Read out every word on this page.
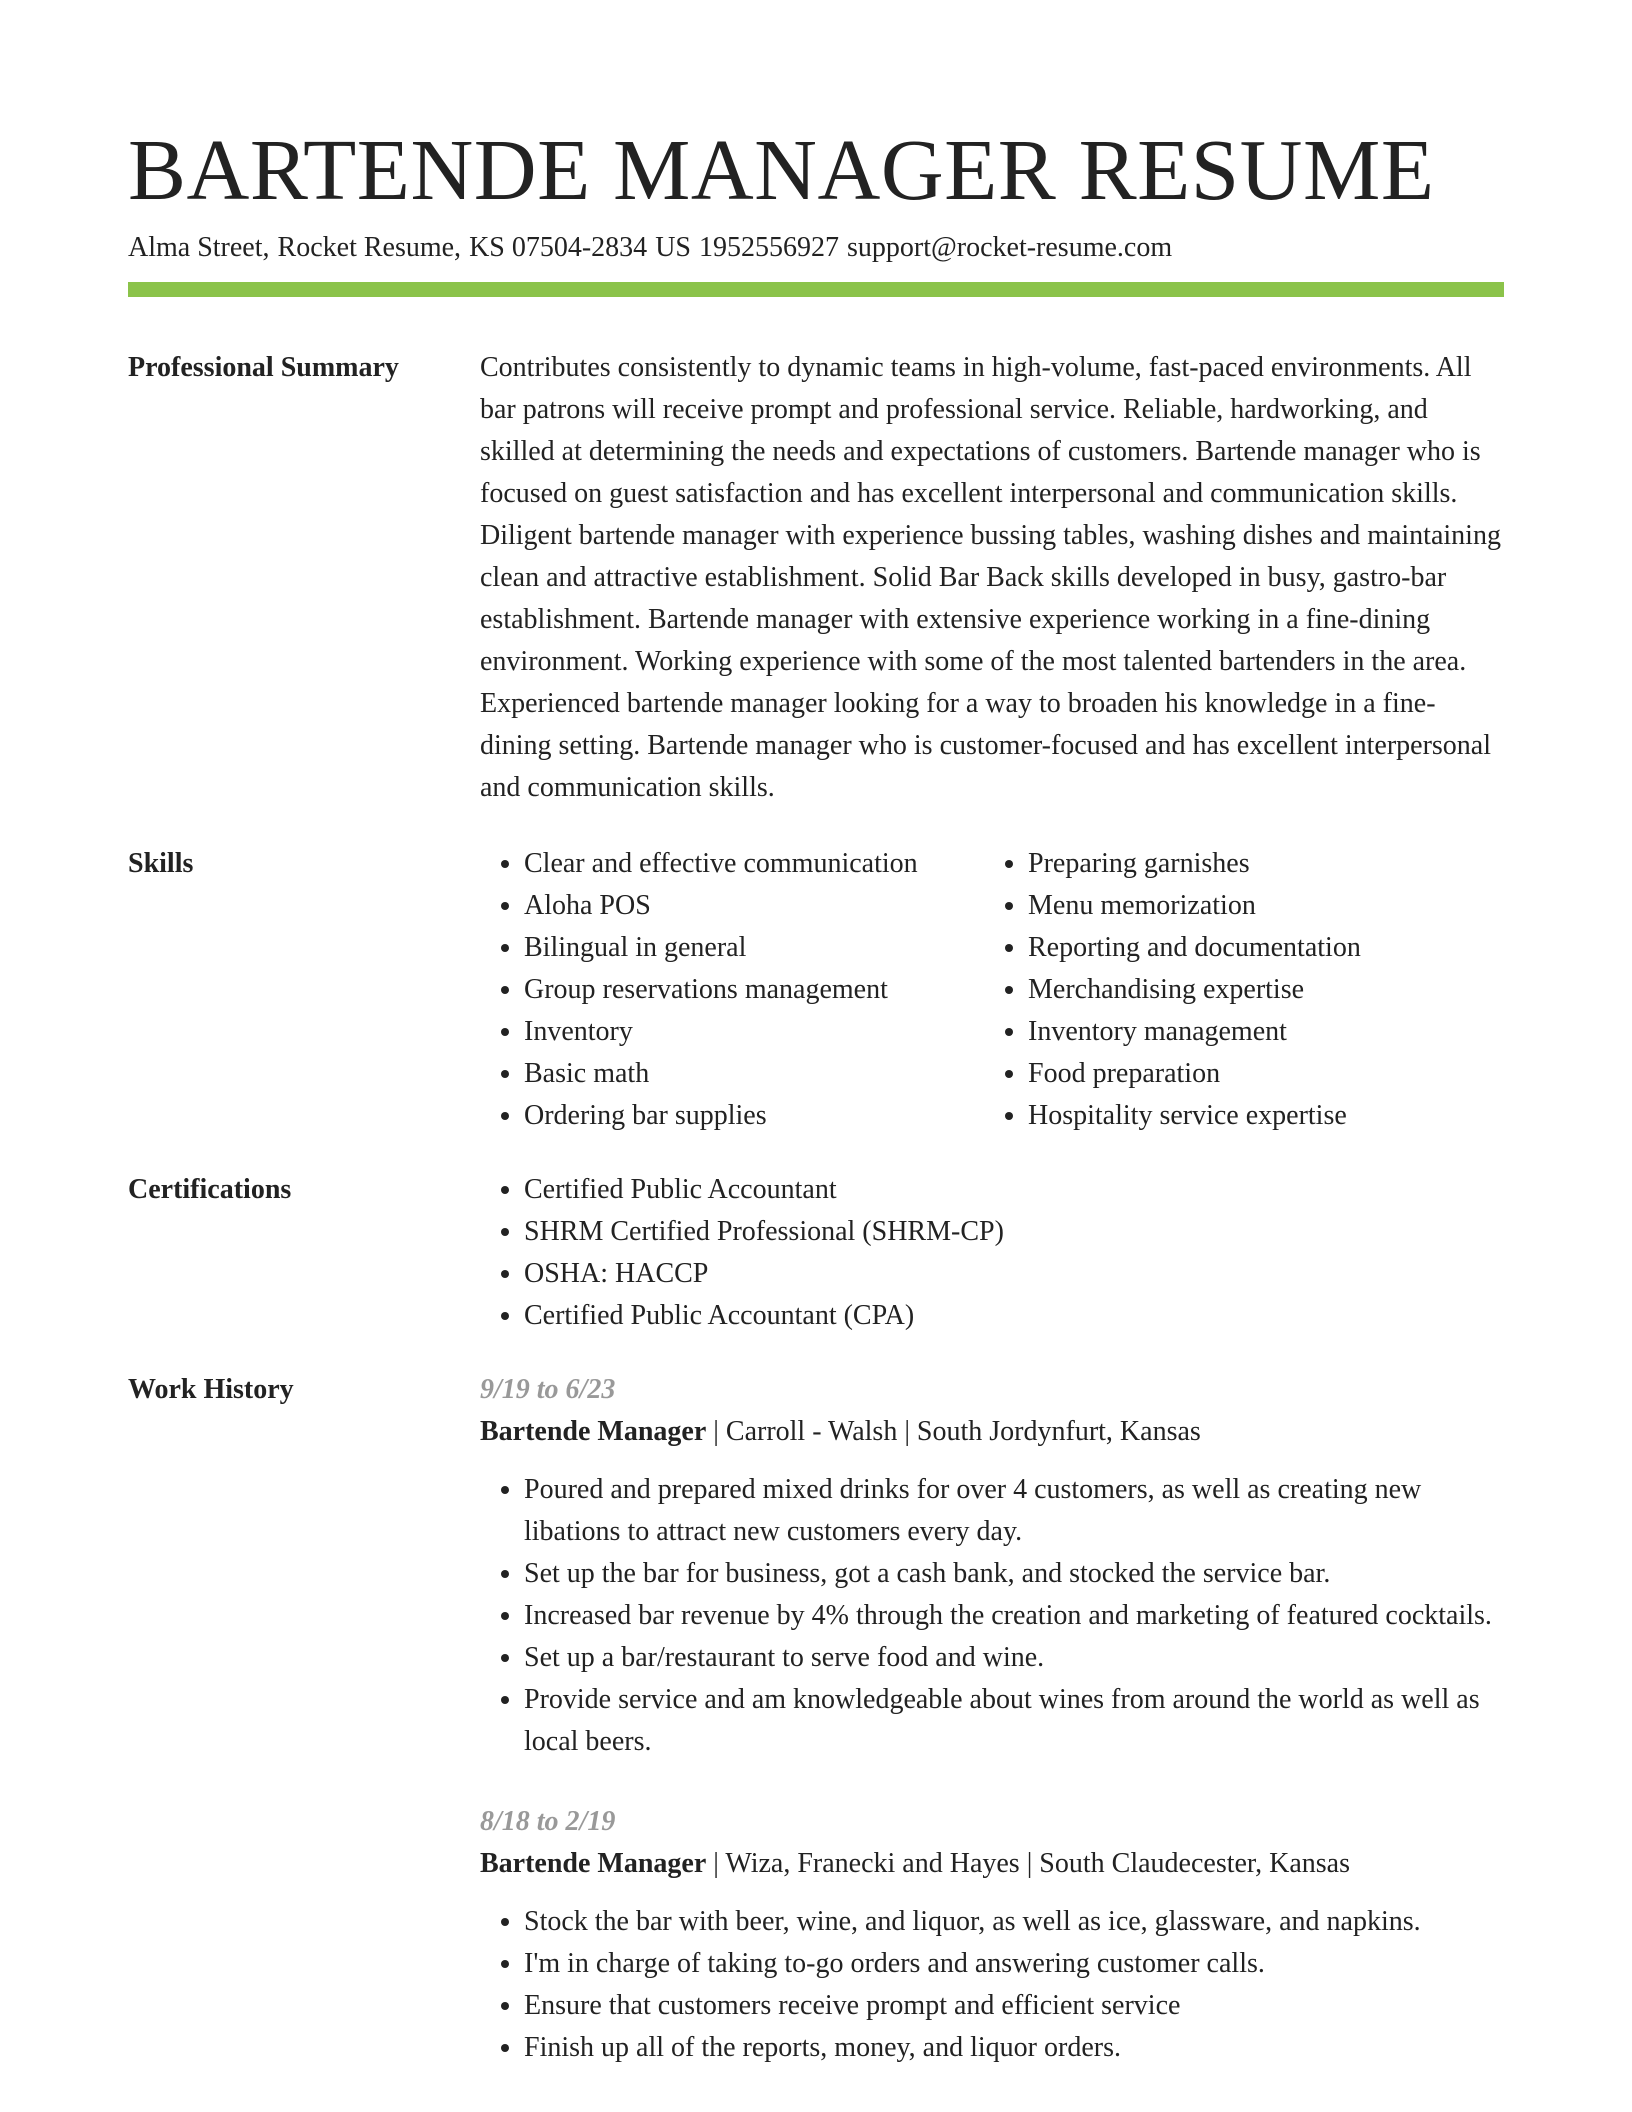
BARTENDE MANAGER RESUME
Alma Street, Rocket Resume, KS 07504-2834 US 1952556927 support@rocket-resume.com
Professional Summary	Contributes consistently to dynamic teams in high-volume, fast-paced environments. All bar patrons will receive prompt and professional service. Reliable, hardworking, and skilled at determining the needs and expectations of customers. Bartende manager who is focused on guest satisfaction and has excellent interpersonal and communication skills. Diligent bartende manager with experience bussing tables, washing dishes and maintaining clean and attractive establishment. Solid Bar Back skills developed in busy, gastro-bar establishment. Bartende manager with extensive experience working in a fine-dining environment. Working experience with some of the most talented bartenders in the area. Experienced bartende manager looking for a way to broaden his knowledge in a fine-dining setting. Bartende manager who is customer-focused and has excellent interpersonal and communication skills.

Skills	• Clear and effective communication
• Aloha POS
• Bilingual in general
• Group reservations management
• Inventory
• Basic math
• Ordering bar supplies
• Preparing garnishes
• Menu memorization
• Reporting and documentation
• Merchandising expertise
• Inventory management
• Food preparation
• Hospitality service expertise
Certifications	• Certified Public Accountant
• SHRM Certified Professional (SHRM-CP)
• OSHA: HACCP
• Certified Public Accountant (CPA)
Work History	9/19 to 6/23
Bartende Manager | Carroll - Walsh | South Jordynfurt, Kansas
• Poured and prepared mixed drinks for over 4 customers, as well as creating new libations to attract new customers every day.
• Set up the bar for business, got a cash bank, and stocked the service bar.
• Increased bar revenue by 4% through the creation and marketing of featured cocktails.
• Set up a bar/restaurant to serve food and wine.
• Provide service and am knowledgeable about wines from around the world as well as local beers.
8/18 to 2/19
Bartende Manager | Wiza, Franecki and Hayes | South Claudecester, Kansas
• Stock the bar with beer, wine, and liquor, as well as ice, glassware, and napkins.
• I'm in charge of taking to-go orders and answering customer calls.
• Ensure that customers receive prompt and efficient service
• Finish up all of the reports, money, and liquor orders.
